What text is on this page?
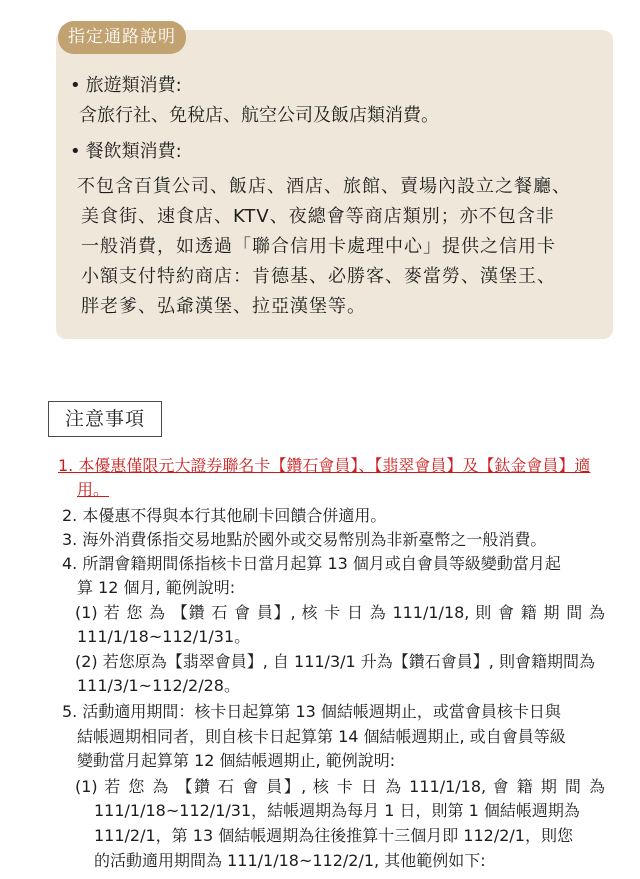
指定通路說明
• 旅遊類消費:
含旅行社、免稅店、航空公司及飯店類消費。
• 餐飲類消費:
不包含百貨公司、飯店、酒店、旅館、賣場內設立之餐廳、
美食街、速食店、KTV、夜總會等商店類別；亦不包含非
一般消費，如透過「聯合信用卡處理中心」提供之信用卡
小額支付特約商店：肯德基、必勝客、麥當勞、漢堡王、
胖老爹、弘爺漢堡、拉亞漢堡等。
注意事項
1. 本優惠僅限元大證券聯名卡【鑽石會員】、【翡翠會員】及【鈦金會員】適
用。
2. 本優惠不得與本行其他刷卡回饋合併適用。
3. 海外消費係指交易地點於國外或交易幣別為非新臺幣之一般消費。
4. 所謂會籍期間係指核卡日當月起算 13 個月或自會員等級變動當月起
算 12 個月, 範例說明:
(1) 若 您 為 【鑽 石 會 員】, 核 卡 日 為 111/1/18, 則 會 籍 期 間 為
111/1/18~112/1/31。
(2) 若您原為【翡翠會員】, 自 111/3/1 升為【鑽石會員】, 則會籍期間為
111/3/1~112/2/28。
5. 活動適用期間：核卡日起算第 13 個結帳週期止，或當會員核卡日與
結帳週期相同者，則自核卡日起算第 14 個結帳週期止, 或自會員等級
變動當月起算第 12 個結帳週期止, 範例說明:
(1) 若 您 為 【鑽 石 會 員】, 核 卡 日 為 111/1/18, 會 籍 期 間 為
111/1/18~112/1/31，結帳週期為每月 1 日，則第 1 個結帳週期為
111/2/1，第 13 個結帳週期為往後推算十三個月即 112/2/1，則您
的活動適用期間為 111/1/18~112/2/1, 其他範例如下:
